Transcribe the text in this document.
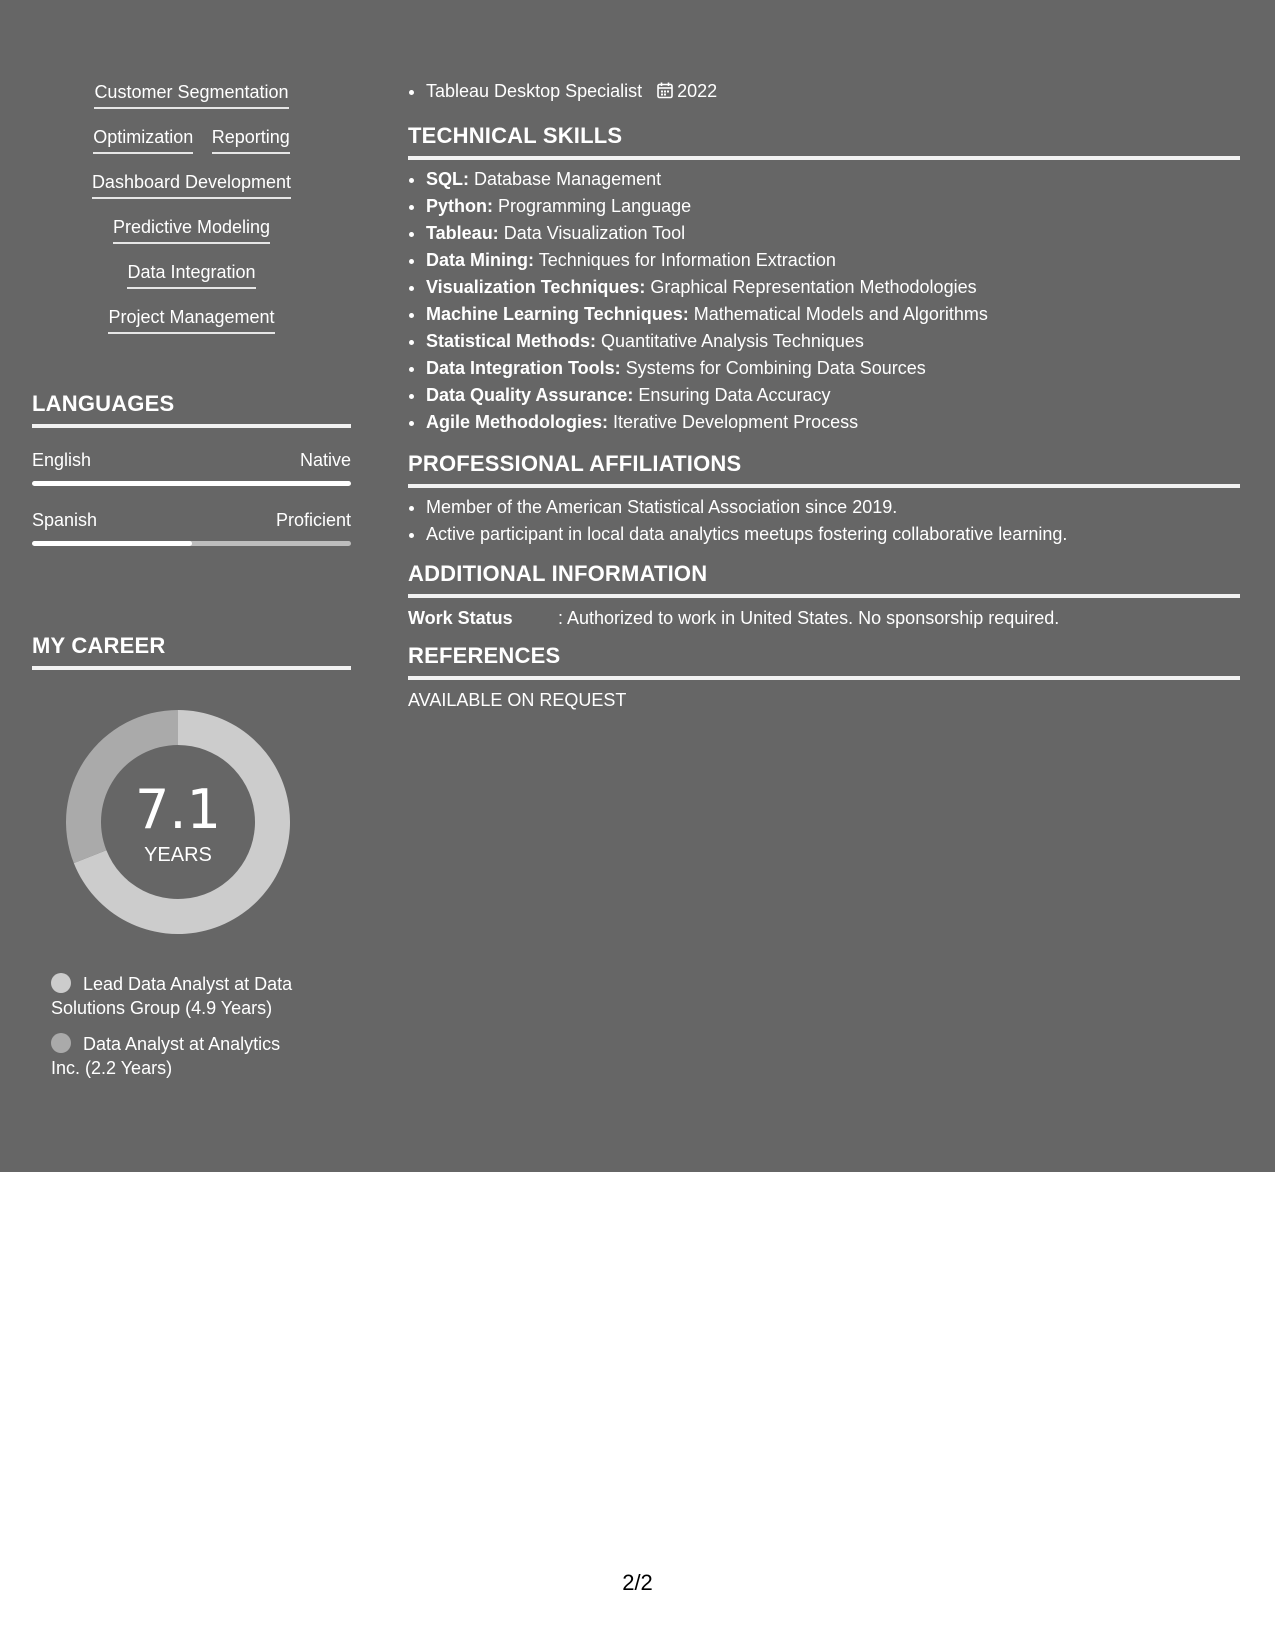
Customer Segmentation
Optimization Reporting
Dashboard Development
Predictive Modeling
Data Integration
Project Management
LANGUAGES
English	Native
Spanish	Proficient
MY CAREER
7.1
YEARS
Lead Data Analyst at Data Solutions Group (4.9 Years)
Data Analyst at Analytics Inc. (2.2 Years)
• Tableau Desktop Specialist 2022
TECHNICAL SKILLS
• SQL: Database Management
• Python: Programming Language
• Tableau: Data Visualization Tool
• Data Mining: Techniques for Information Extraction
• Visualization Techniques: Graphical Representation Methodologies
• Machine Learning Techniques: Mathematical Models and Algorithms
• Statistical Methods: Quantitative Analysis Techniques
• Data Integration Tools: Systems for Combining Data Sources
• Data Quality Assurance: Ensuring Data Accuracy
• Agile Methodologies: Iterative Development Process
PROFESSIONAL AFFILIATIONS
• Member of the American Statistical Association since 2019.
• Active participant in local data analytics meetups fostering collaborative learning.
ADDITIONAL INFORMATION
Work Status	: Authorized to work in United States. No sponsorship required.
REFERENCES
AVAILABLE ON REQUEST
2/2
